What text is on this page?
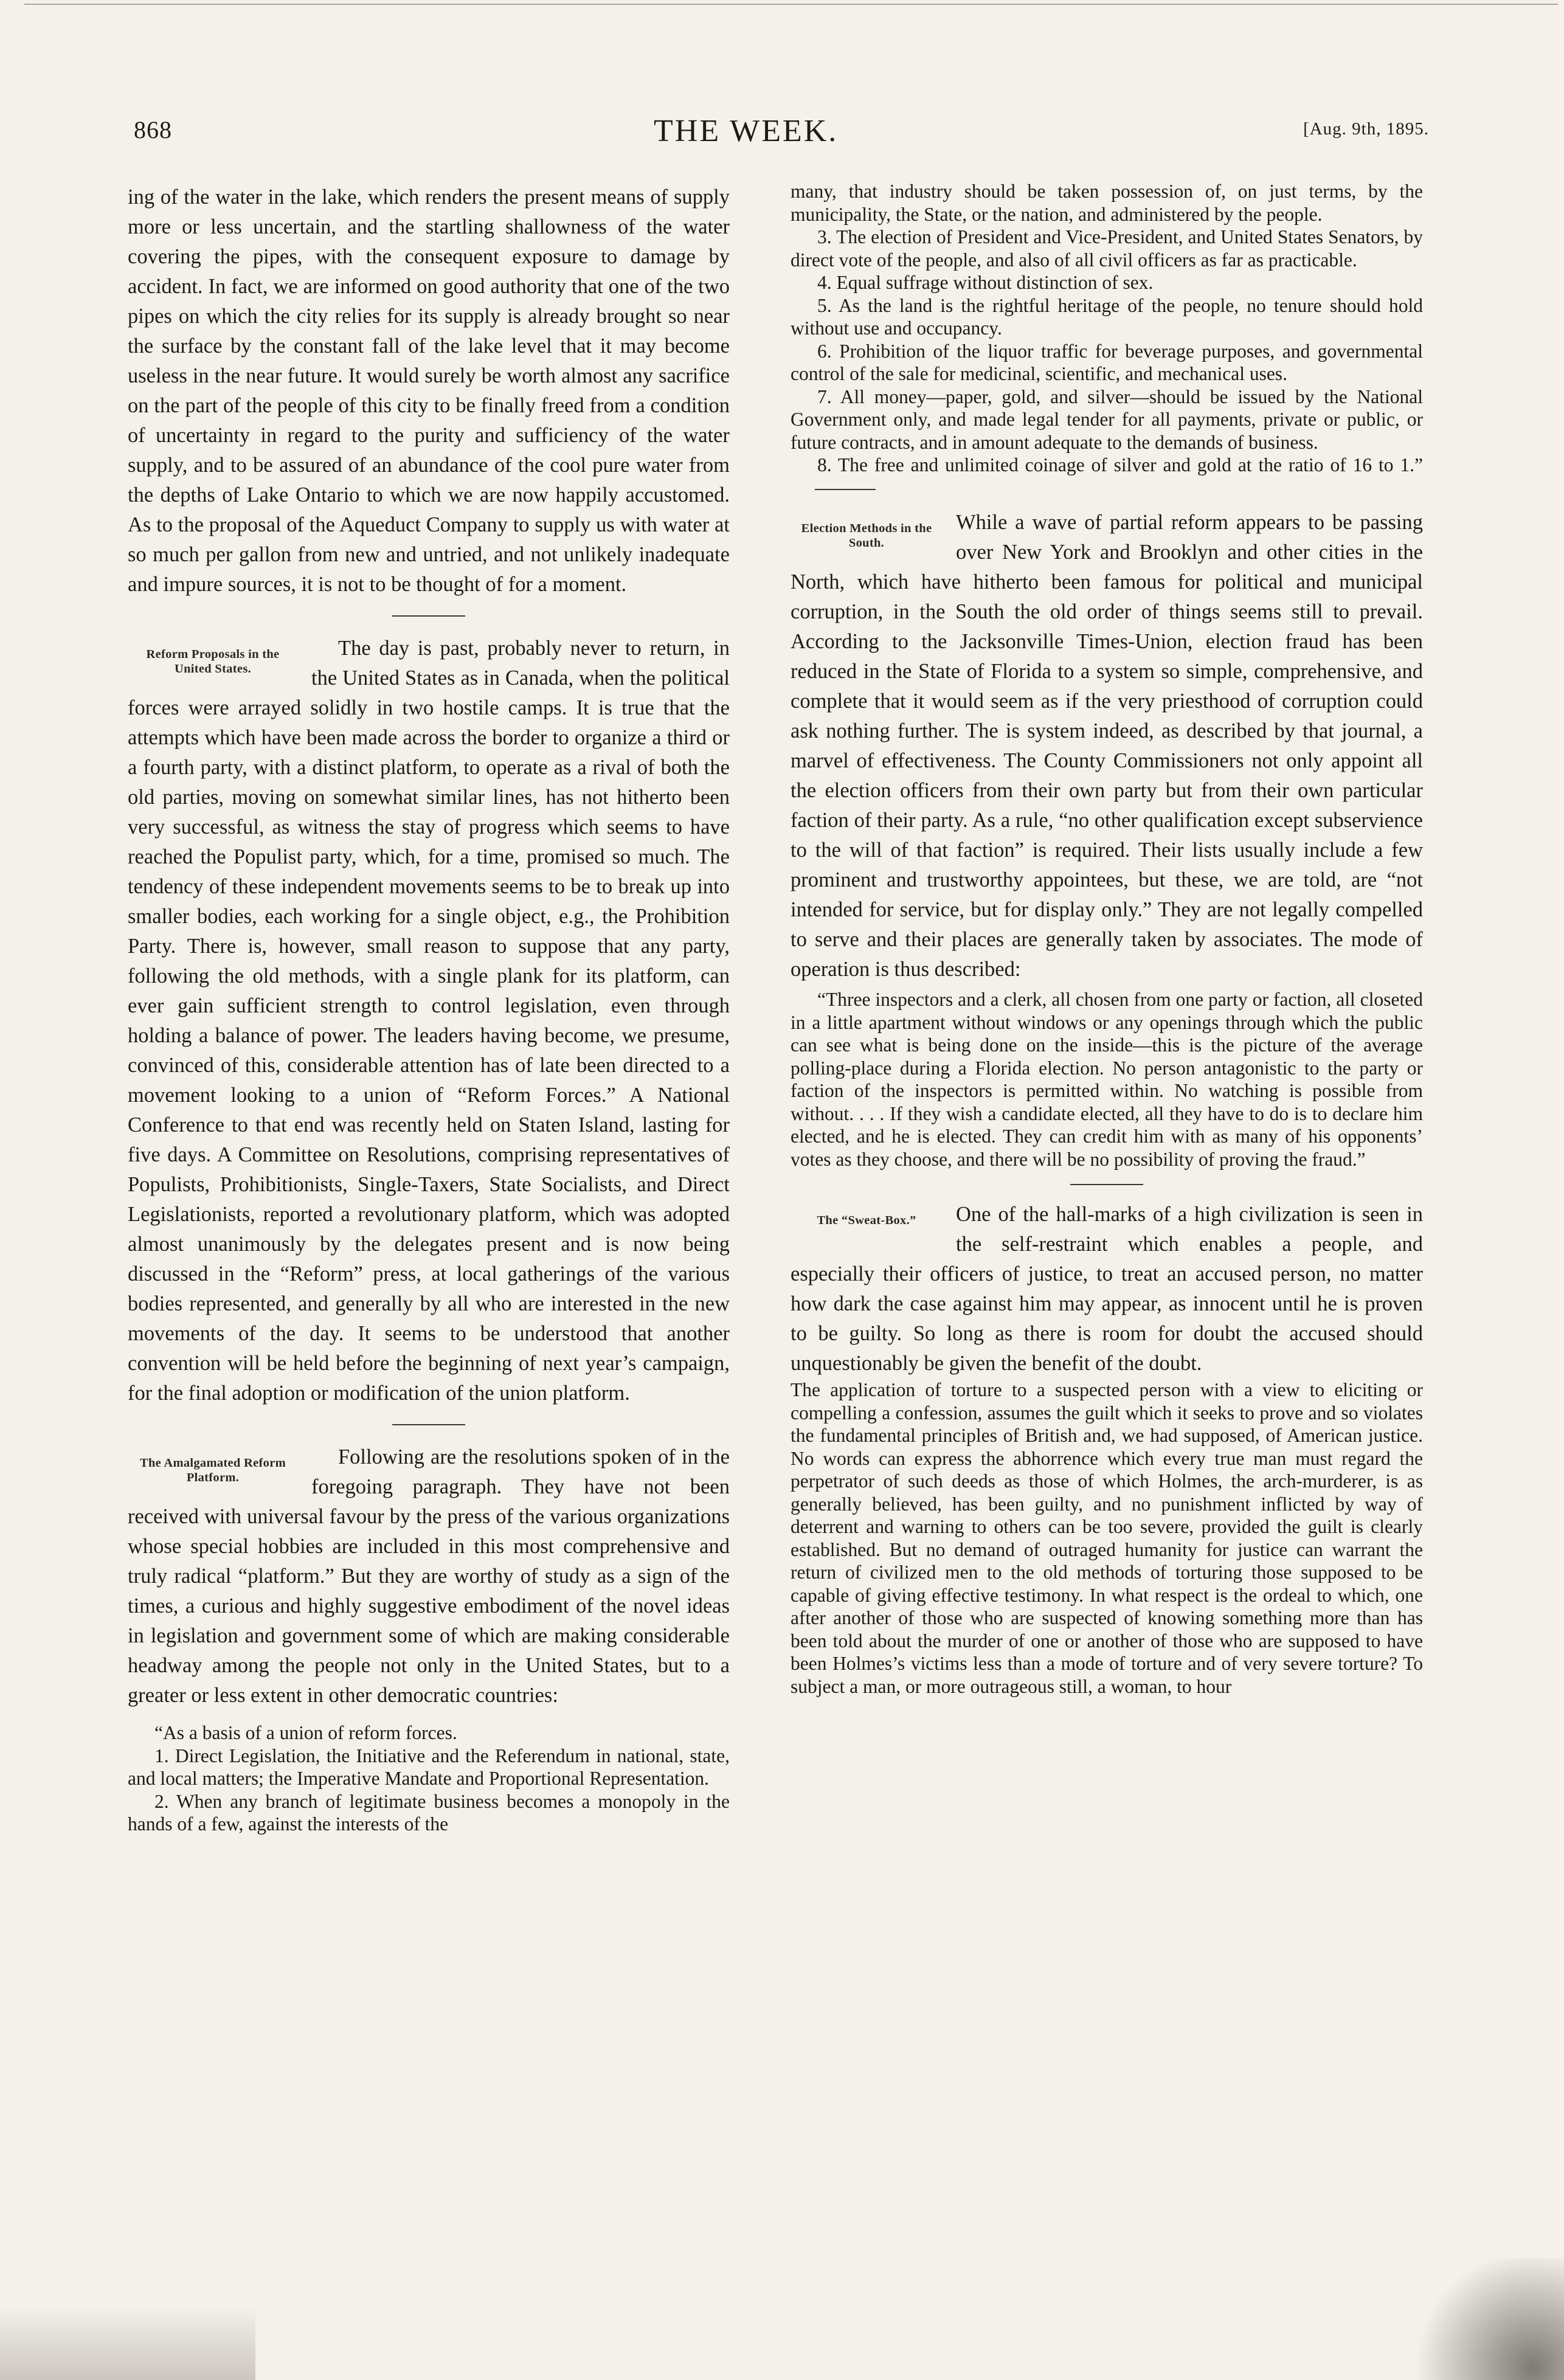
868	THE WEEK.	[Aug. 9th, 1895.

ing of the water in the lake, which renders the present means of supply more or less uncertain, and the startling shallowness of the water covering the pipes, with the consequent exposure to damage by accident. In fact, we are informed on good authority that one of the two pipes on which the city relies for its supply is already brought so near the surface by the constant fall of the lake level that it may become useless in the near future. It would surely be worth almost any sacrifice on the part of the people of this city to be finally freed from a condition of uncertainty in regard to the purity and sufficiency of the water supply, and to be assured of an abundance of the cool pure water from the depths of Lake Ontario to which we are now happily accustomed. As to the proposal of the Aqueduct Company to supply us with water at so much per gallon from new and untried, and not unlikely inadequate and impure sources, it is not to be thought of for a moment.

Reform Proposals in the United States.

The day is past, probably never to return, in the United States as in Canada, when the political forces were arrayed solidly in two hostile camps. It is true that the attempts which have been made across the border to organize a third or a fourth party, with a distinct platform, to operate as a rival of both the old parties, moving on somewhat similar lines, has not hitherto been very successful, as witness the stay of progress which seems to have reached the Populist party, which, for a time, promised so much. The tendency of these independent movements seems to be to break up into smaller bodies, each working for a single object, e.g., the Prohibition Party. There is, however, small reason to suppose that any party, following the old methods, with a single plank for its platform, can ever gain sufficient strength to control legislation, even through holding a balance of power. The leaders having become, we presume, convinced of this, considerable attention has of late been directed to a movement looking to a union of “Reform Forces.” A National Conference to that end was recently held on Staten Island, lasting for five days. A Committee on Resolutions, comprising representatives of Populists, Prohibitionists, Single-Taxers, State Socialists, and Direct Legislationists, reported a revolutionary platform, which was adopted almost unanimously by the delegates present and is now being discussed in the “Reform” press, at local gatherings of the various bodies represented, and generally by all who are interested in the new movements of the day. It seems to be understood that another convention will be held before the beginning of next year’s campaign, for the final adoption or modification of the union platform.

The Amalgamated Reform Platform.

Following are the resolutions spoken of in the foregoing paragraph. They have not been received with universal favour by the press of the various organizations whose special hobbies are included in this most comprehensive and truly radical “platform.” But they are worthy of study as a sign of the times, a curious and highly suggestive embodiment of the novel ideas in legislation and government some of which are making considerable headway among the people not only in the United States, but to a greater or less extent in other democratic countries:

“As a basis of a union of reform forces.

1. Direct Legislation, the Initiative and the Referendum in national, state, and local matters; the Imperative Mandate and Proportional Representation.

2. When any branch of legitimate business becomes a monopoly in the hands of a few, against the interests of the

many, that industry should be taken possession of, on just terms, by the municipality, the State, or the nation, and administered by the people.

3. The election of President and Vice-President, and United States Senators, by direct vote of the people, and also of all civil officers as far as practicable.

4. Equal suffrage without distinction of sex.

5. As the land is the rightful heritage of the people, no tenure should hold without use and occupancy.

6. Prohibition of the liquor traffic for beverage purposes, and governmental control of the sale for medicinal, scientific, and mechanical uses.

7. All money—paper, gold, and silver—should be issued by the National Government only, and made legal tender for all payments, private or public, or future contracts, and in amount adequate to the demands of business.

8. The free and unlimited coinage of silver and gold at the ratio of 16 to 1.”

Election Methods in the South.

While a wave of partial reform appears to be passing over New York and Brooklyn and other cities in the North, which have hitherto been famous for political and municipal corruption, in the South the old order of things seems still to prevail. According to the Jacksonville Times-Union, election fraud has been reduced in the State of Florida to a system so simple, comprehensive, and complete that it would seem as if the very priesthood of corruption could ask nothing further. The is system indeed, as described by that journal, a marvel of effectiveness. The County Commissioners not only appoint all the election officers from their own party but from their own particular faction of their party. As a rule, “no other qualification except subservience to the will of that faction” is required. Their lists usually include a few prominent and trustworthy appointees, but these, we are told, are “not intended for service, but for display only.” They are not legally compelled to serve and their places are generally taken by associates. The mode of operation is thus described:

“Three inspectors and a clerk, all chosen from one party or faction, all closeted in a little apartment without windows or any openings through which the public can see what is being done on the inside—this is the picture of the average polling-place during a Florida election. No person antagonistic to the party or faction of the inspectors is permitted within. No watching is possible from without. . . . If they wish a candidate elected, all they have to do is to declare him elected, and he is elected. They can credit him with as many of his opponents’ votes as they choose, and there will be no possibility of proving the fraud.”

The “Sweat-Box.”	One of the hall-marks of a high civilization is seen in the self-restraint which enables a people, and especially their officers of justice, to treat an accused person, no matter how dark the case against him may appear, as innocent until he is proven to be guilty. So long as there is room for doubt the accused should unquestionably be given the benefit of the doubt.

The application of torture to a suspected person with a view to eliciting or compelling a confession, assumes the guilt which it seeks to prove and so violates the fundamental principles of British and, we had supposed, of American justice. No words can express the abhorrence which every true man must regard the perpetrator of such deeds as those of which Holmes, the arch-murderer, is as generally believed, has been guilty, and no punishment inflicted by way of deterrent and warning to others can be too severe, provided the guilt is clearly established. But no demand of outraged humanity for justice can warrant the return of civilized men to the old methods of torturing those supposed to be capable of giving effective testimony. In what respect is the ordeal to which, one after another of those who are suspected of knowing something more than has been told about the murder of one or another of those who are supposed to have been Holmes’s victims less than a mode of torture and of very severe torture? To subject a man, or more outrageous still, a woman, to hour
